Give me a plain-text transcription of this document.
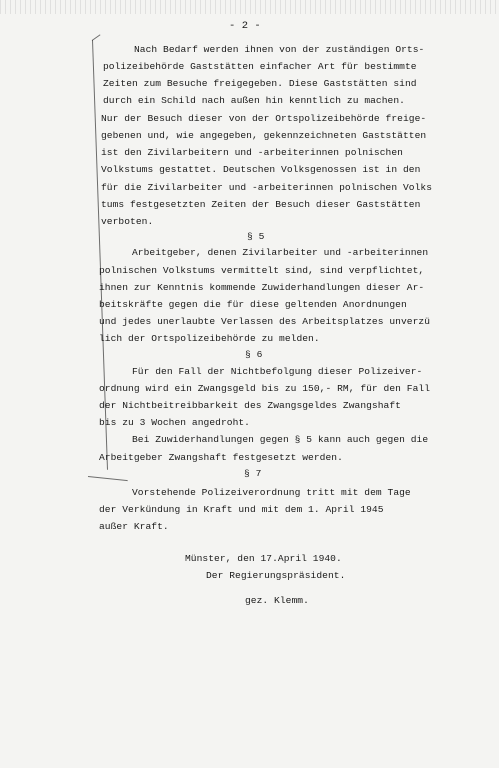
- 2 -
Nach Bedarf werden ihnen von der zuständigen Orts-
polizeibehörde Gaststätten einfacher Art für bestimmte
Zeiten zum Besuche freigegeben. Diese Gaststätten sind
durch ein Schild nach außen hin kenntlich zu machen.
Nur der Besuch dieser von der Ortspolizeibehörde freige-
gebenen und, wie angegeben, gekennzeichneten Gaststätten
ist den Zivilarbeitern und -arbeiterinnen polnischen
Volkstums gestattet. Deutschen Volksgenossen ist in den
für die Zivilarbeiter und -arbeiterinnen polnischen Volks
tums festgesetzten Zeiten der Besuch dieser Gaststätten
verboten.
§ 5
Arbeitgeber, denen Zivilarbeiter und -arbeiterinnen
polnischen Volkstums vermittelt sind, sind verpflichtet,
ihnen zur Kenntnis kommende Zuwiderhandlungen dieser Ar-
beitskräfte gegen die für diese geltenden Anordnungen
und jedes unerlaubte Verlassen des Arbeitsplatzes unverzü
lich der Ortspolizeibehörde zu melden.
§ 6
Für den Fall der Nichtbefolgung dieser Polizeiver-
ordnung wird ein Zwangsgeld bis zu 150,- RM, für den Fall
der Nichtbeitreibbarkeit des Zwangsgeldes Zwangshaft
bis zu 3 Wochen angedroht.
Bei Zuwiderhandlungen gegen § 5 kann auch gegen die
Arbeitgeber Zwangshaft festgesetzt werden.
§ 7
Vorstehende Polizeiverordnung tritt mit dem Tage
der Verkündung in Kraft und mit dem 1. April 1945
außer Kraft.
Münster, den 17.April 1940.
Der Regierungspräsident.
gez. Klemm.
